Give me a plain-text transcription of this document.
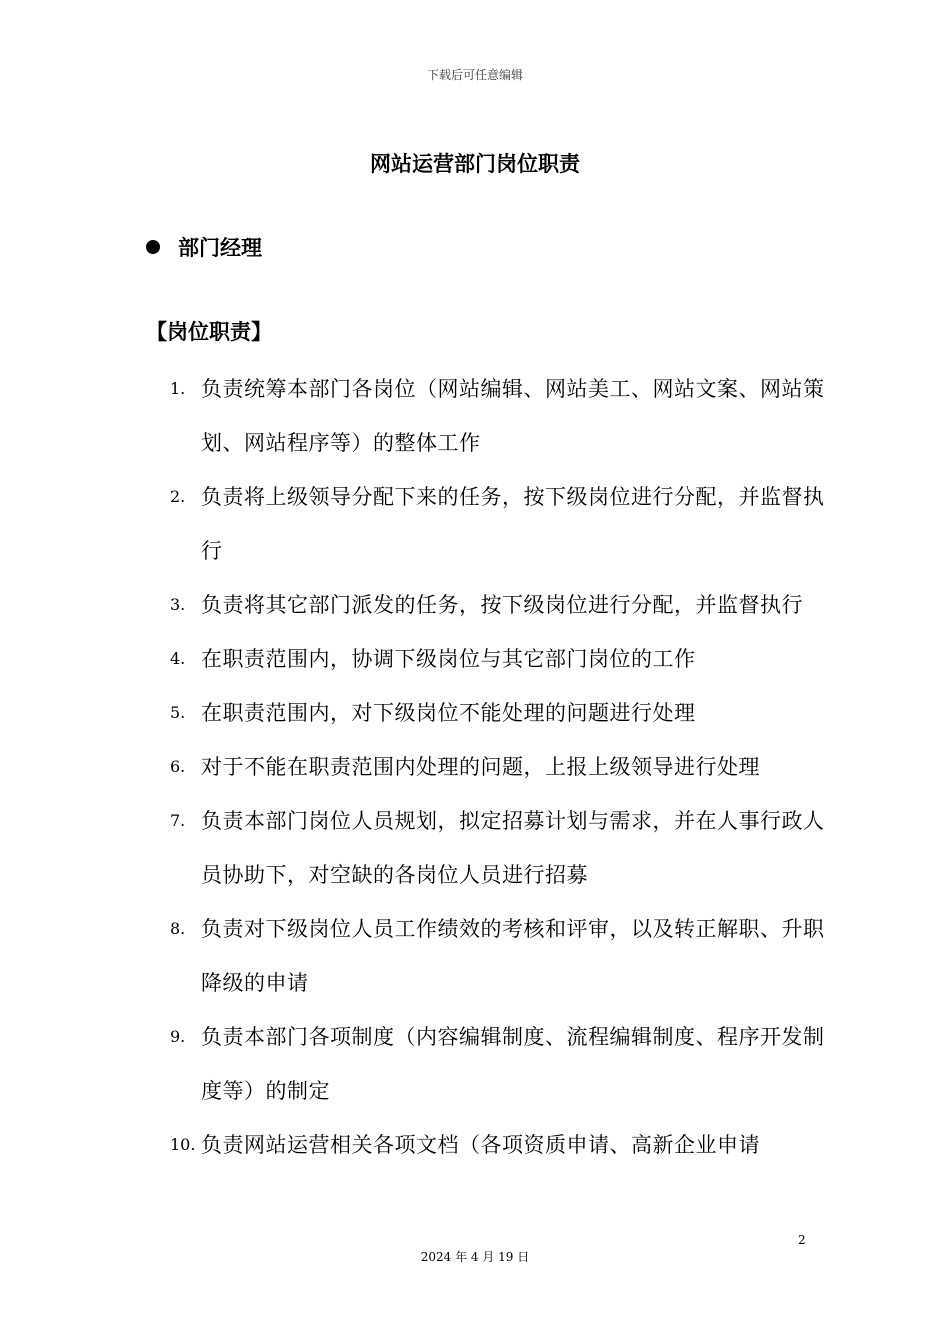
下载后可任意编辑
网站运营部门岗位职责
部门经理
【岗位职责】
1. 负责统筹本部门各岗位（网站编辑、网站美工、网站文案、网站策划、网站程序等）的整体工作
2. 负责将上级领导分配下来的任务，按下级岗位进行分配，并监督执行
3. 负责将其它部门派发的任务，按下级岗位进行分配，并监督执行
4. 在职责范围内，协调下级岗位与其它部门岗位的工作
5. 在职责范围内，对下级岗位不能处理的问题进行处理
6. 对于不能在职责范围内处理的问题，上报上级领导进行处理
7. 负责本部门岗位人员规划，拟定招募计划与需求，并在人事行政人员协助下，对空缺的各岗位人员进行招募
8. 负责对下级岗位人员工作绩效的考核和评审，以及转正解职、升职降级的申请
9. 负责本部门各项制度（内容编辑制度、流程编辑制度、程序开发制度等）的制定
10. 负责网站运营相关各项文档（各项资质申请、高新企业申请
2
2024 年 4 月 19 日
